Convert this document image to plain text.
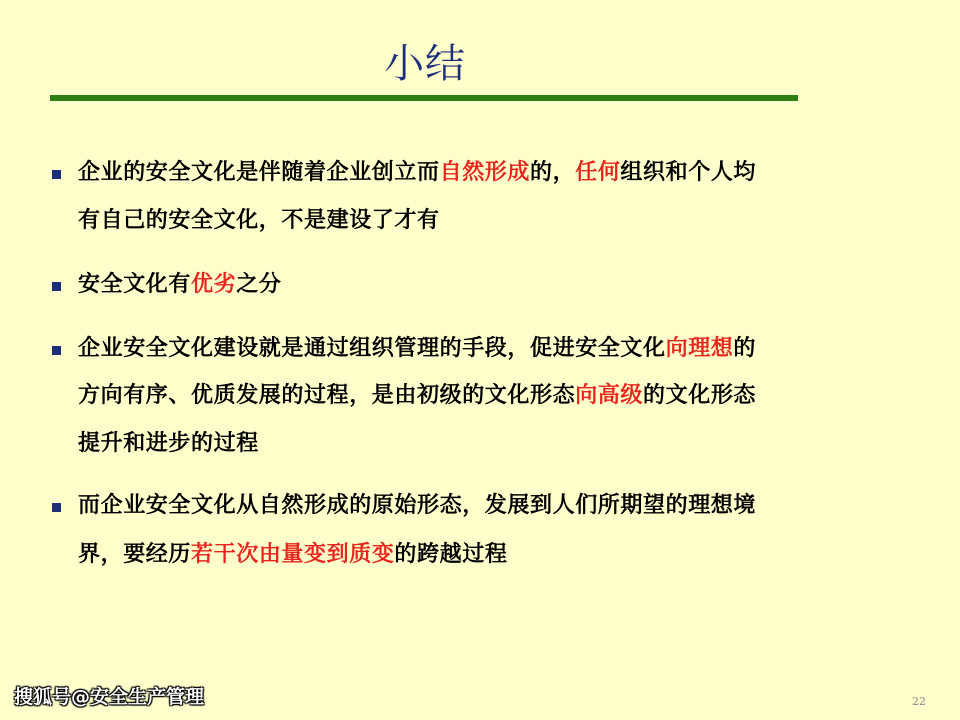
小结
企业的安全文化是伴随着企业创立而自然形成的，任何组织和个人均
有自己的安全文化，不是建设了才有
安全文化有优劣之分
企业安全文化建设就是通过组织管理的手段，促进安全文化向理想的
方向有序、优质发展的过程，是由初级的文化形态向高级的文化形态
提升和进步的过程
而企业安全文化从自然形成的原始形态，发展到人们所期望的理想境
界，要经历若干次由量变到质变的跨越过程
搜狐号@安全生产管理	22
